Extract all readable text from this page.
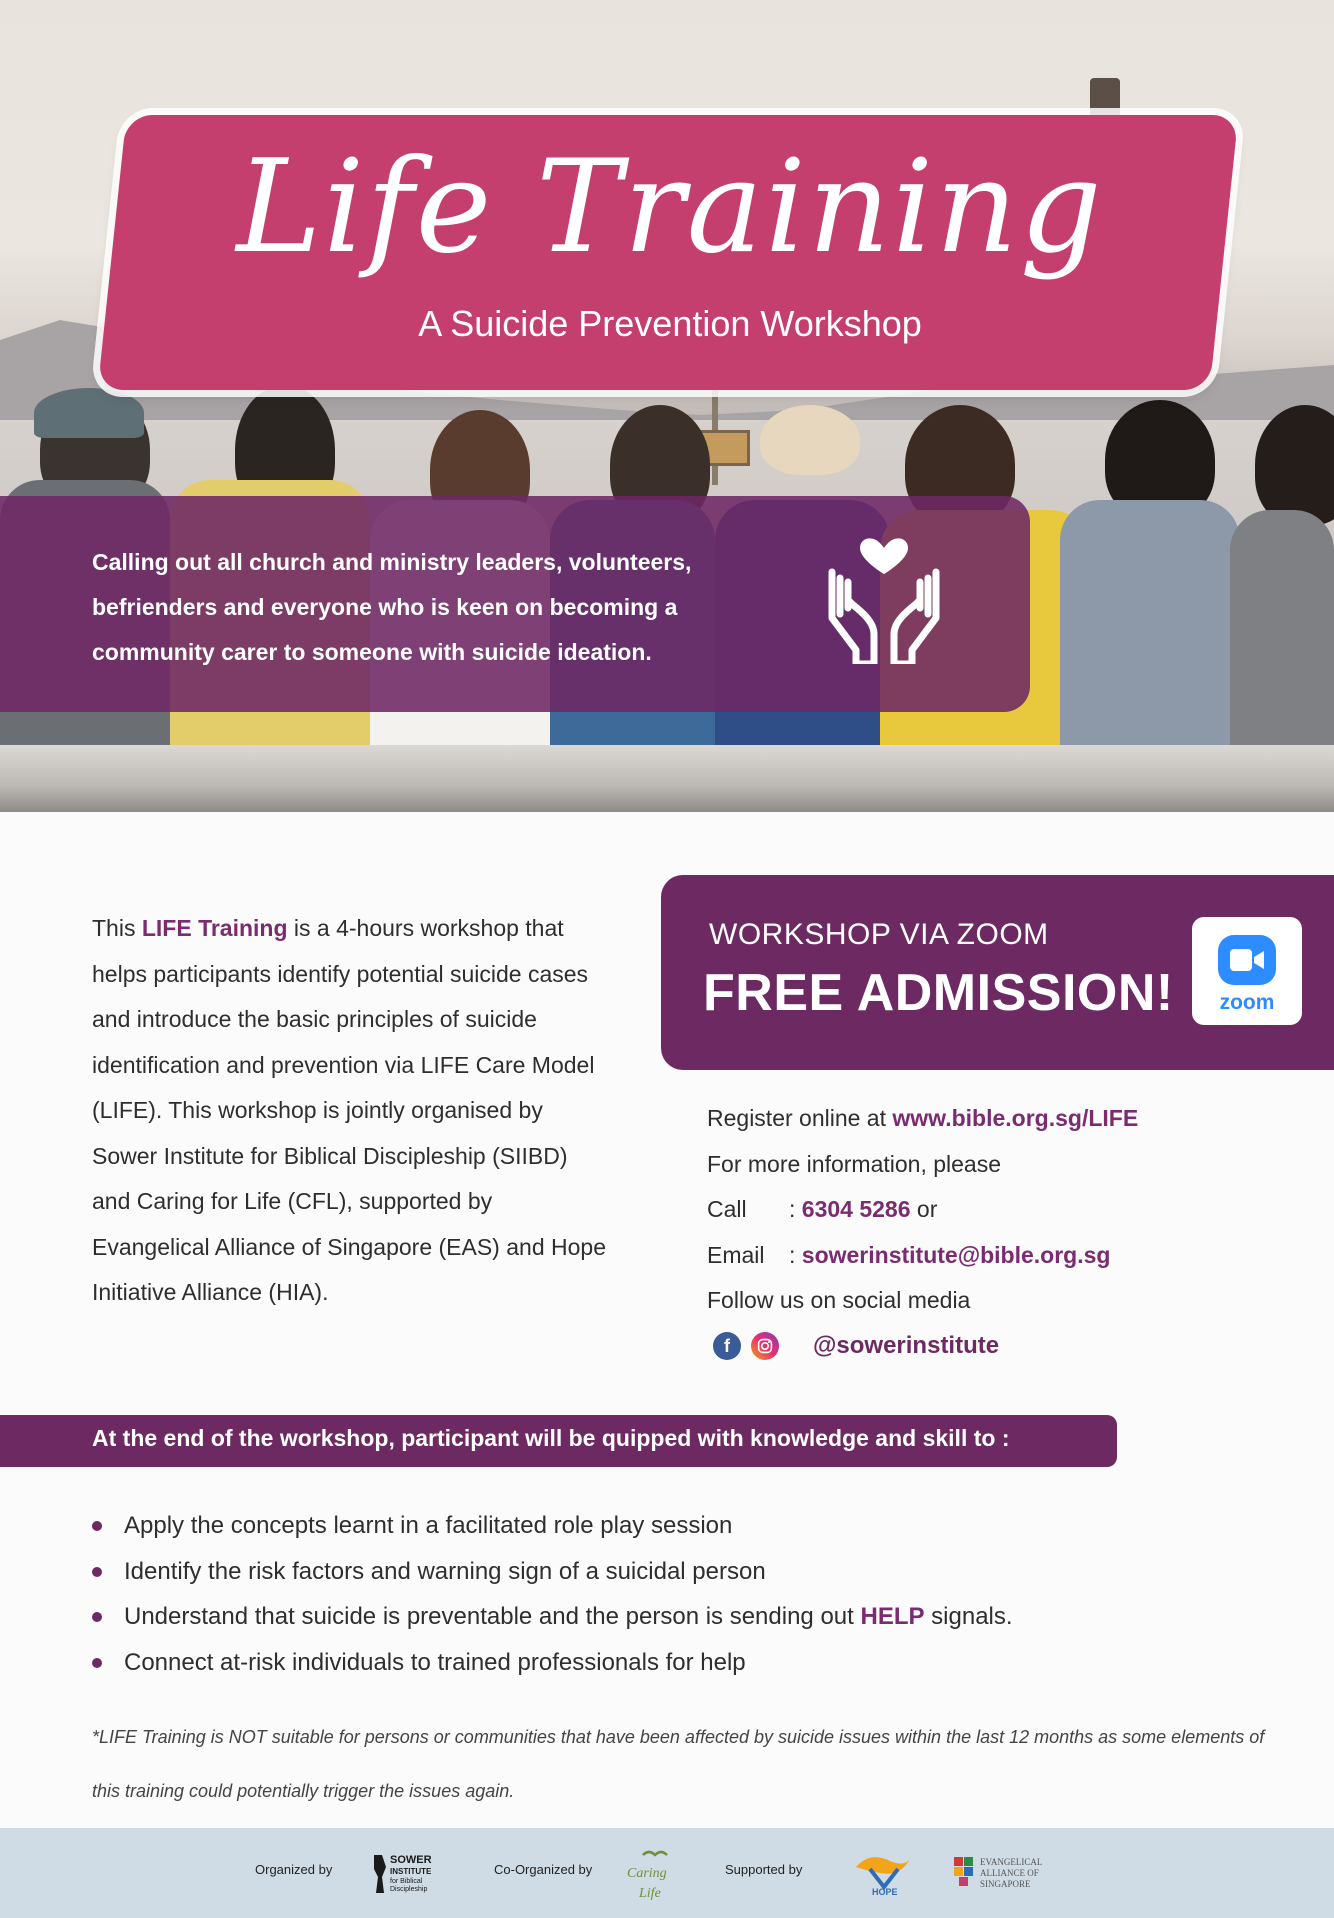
Life Training
A Suicide Prevention Workshop
Calling out all church and ministry leaders, volunteers, befrienders and everyone who is keen on becoming a community carer to someone with suicide ideation.
This LIFE Training is a 4-hours workshop that helps participants identify potential suicide cases and introduce the basic principles of suicide identification and prevention via LIFE Care Model (LIFE). This workshop is jointly organised by Sower Institute for Biblical Discipleship (SIIBD) and Caring for Life (CFL), supported by Evangelical Alliance of Singapore (EAS) and Hope Initiative Alliance (HIA).
WORKSHOP VIA ZOOM
FREE ADMISSION!	zoom
Register online at www.bible.org.sg/LIFE
For more information, please
Call : 6304 5286 or
Email : sowerinstitute@bible.org.sg
Follow us on social media
f	@sowerinstitute
At the end of the workshop, participant will be quipped with knowledge and skill to :
Apply the concepts learnt in a facilitated role play session
Identify the risk factors and warning sign of a suicidal person
Understand that suicide is preventable and the person is sending out HELP signals.
Connect at-risk individuals to trained professionals for help
*LIFE Training is NOT suitable for persons or communities that have been affected by suicide issues within the last 12 months as some elements of this training could potentially trigger the issues again.
Organized by
SOWER
INSTITUTE
for Biblical
Discipleship
Co-Organized by Caring
Life
Supported by
HOPE
EVANGELICAL
ALLIANCE OF
SINGAPORE
